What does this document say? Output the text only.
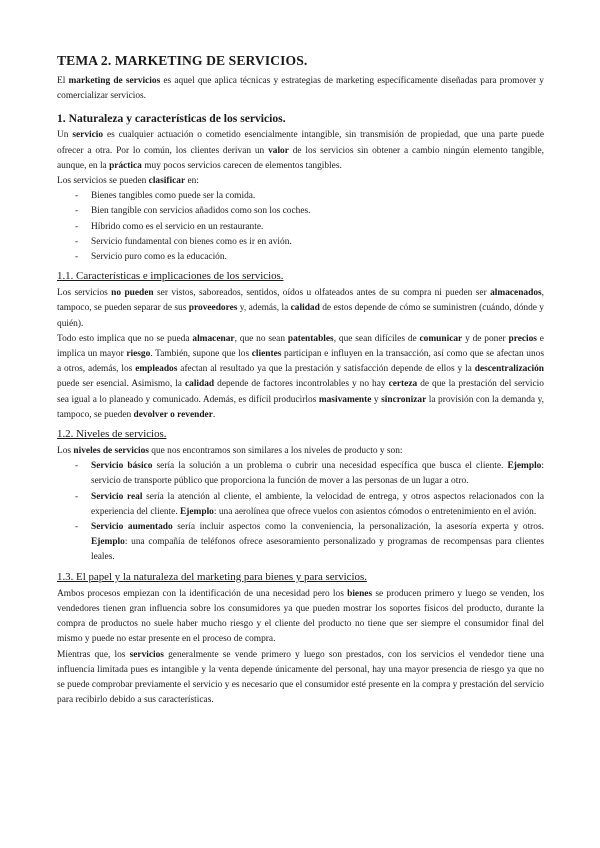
TEMA 2. MARKETING DE SERVICIOS.

El marketing de servicios es aquel que aplica técnicas y estrategias de marketing específicamente diseñadas para promover y comercializar servicios.

1. Naturaleza y características de los servicios.

Un servicio es cualquier actuación o cometido esencialmente intangible, sin transmisión de propiedad, que una parte puede ofrecer a otra. Por lo común, los clientes derivan un valor de los servicios sin obtener a cambio ningún elemento tangible, aunque, en la práctica muy pocos servicios carecen de elementos tangibles.

Los servicios se pueden clasificar en:

- Bienes tangibles como puede ser la comida.
- Bien tangible con servicios añadidos como son los coches.
- Híbrido como es el servicio en un restaurante.
- Servicio fundamental con bienes como es ir en avión.
- Servicio puro como es la educación.
1.1. Características e implicaciones de los servicios.

Los servicios no pueden ser vistos, saboreados, sentidos, oídos u olfateados antes de su compra ni pueden ser almacenados, tampoco, se pueden separar de sus proveedores y, además, la calidad de estos depende de cómo se suministren (cuándo, dónde y quién).

Todo esto implica que no se pueda almacenar, que no sean patentables, que sean difíciles de comunicar y de poner precios e implica un mayor riesgo. También, supone que los clientes participan e influyen en la transacción, así como que se afectan unos a otros, además, los empleados afectan al resultado ya que la prestación y satisfacción depende de ellos y la descentralización puede ser esencial. Asimismo, la calidad depende de factores incontrolables y no hay certeza de que la prestación del servicio sea igual a lo planeado y comunicado. Además, es difícil producirlos masivamente y sincronizar la provisión con la demanda y, tampoco, se pueden devolver o revender.

1.2. Niveles de servicios.

Los niveles de servicios que nos encontramos son similares a los niveles de producto y son:

- Servicio básico sería la solución a un problema o cubrir una necesidad específica que busca el cliente. Ejemplo: servicio de transporte público que proporciona la función de mover a las personas de un lugar a otro.
- Servicio real sería la atención al cliente, el ambiente, la velocidad de entrega, y otros aspectos relacionados con la experiencia del cliente. Ejemplo: una aerolínea que ofrece vuelos con asientos cómodos o entretenimiento en el avión.
- Servicio aumentado sería incluir aspectos como la conveniencia, la personalización, la asesoría experta y otros. Ejemplo: una compañía de teléfonos ofrece asesoramiento personalizado y programas de recompensas para clientes leales.
1.3. El papel y la naturaleza del marketing para bienes y para servicios.

Ambos procesos empiezan con la identificación de una necesidad pero los bienes se producen primero y luego se venden, los vendedores tienen gran influencia sobre los consumidores ya que pueden mostrar los soportes físicos del producto, durante la compra de productos no suele haber mucho riesgo y el cliente del producto no tiene que ser siempre el consumidor final del mismo y puede no estar presente en el proceso de compra.

Mientras que, los servicios generalmente se vende primero y luego son prestados, con los servicios el vendedor tiene una influencia limitada pues es intangible y la venta depende únicamente del personal, hay una mayor presencia de riesgo ya que no se puede comprobar previamente el servicio y es necesario que el consumidor esté presente en la compra y prestación del servicio para recibirlo debido a sus características.
